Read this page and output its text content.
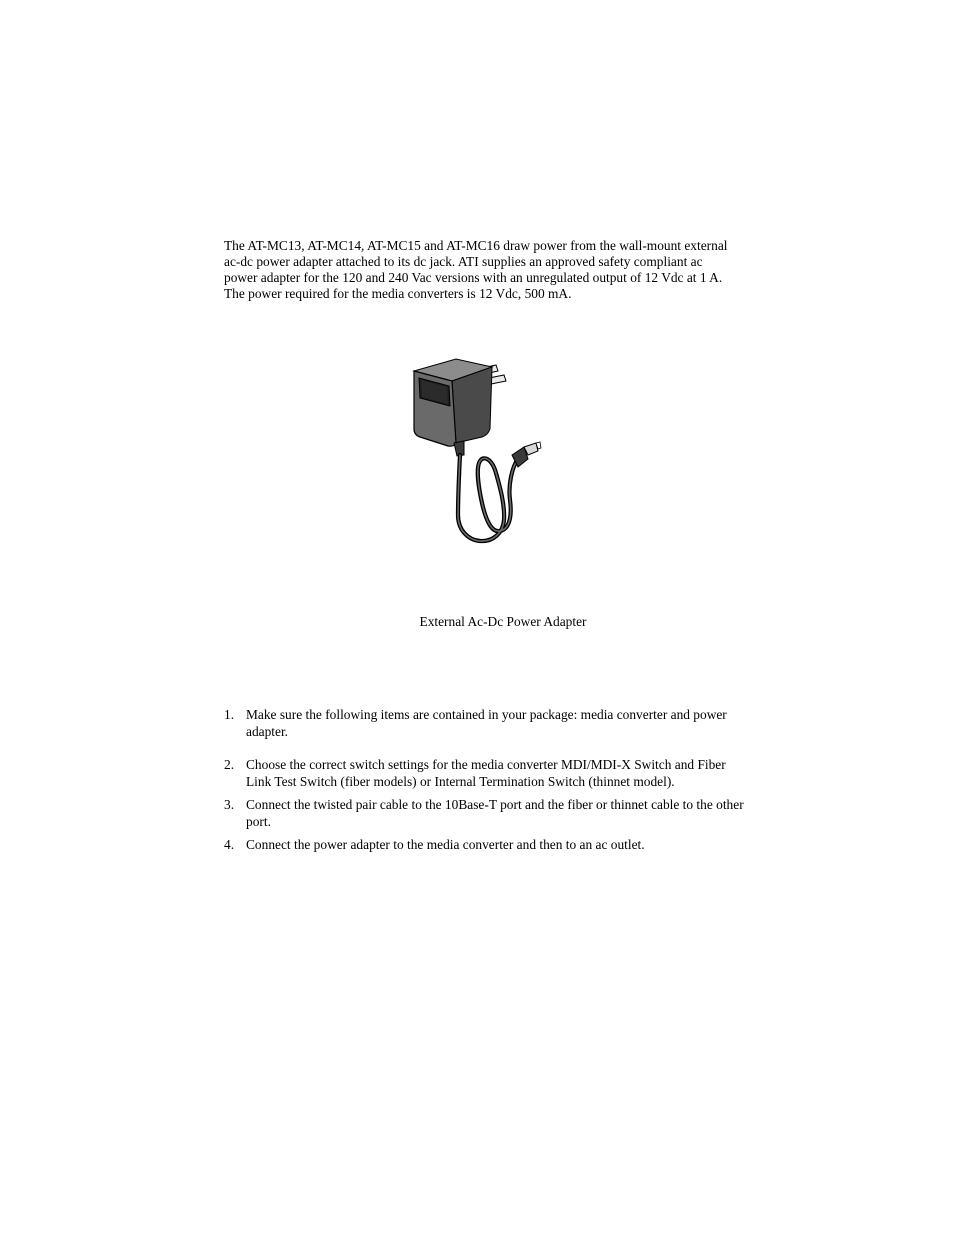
The AT-MC13, AT-MC14, AT-MC15 and AT-MC16 draw power from the wall-mount external ac-dc power adapter attached to its dc jack. ATI supplies an approved safety compliant ac power adapter for the 120 and 240 Vac versions with an unregulated output of 12 Vdc at 1 A. The power required for the media converters is 12 Vdc, 500 mA.

External Ac-Dc Power Adapter

1. Make sure the following items are contained in your package: media converter and power adapter.
2. Choose the correct switch settings for the media converter MDI/MDI-X Switch and Fiber Link Test Switch (fiber models) or Internal Termination Switch (thinnet model).
3. Connect the twisted pair cable to the 10Base-T port and the fiber or thinnet cable to the other port.
4. Connect the power adapter to the media converter and then to an ac outlet.
